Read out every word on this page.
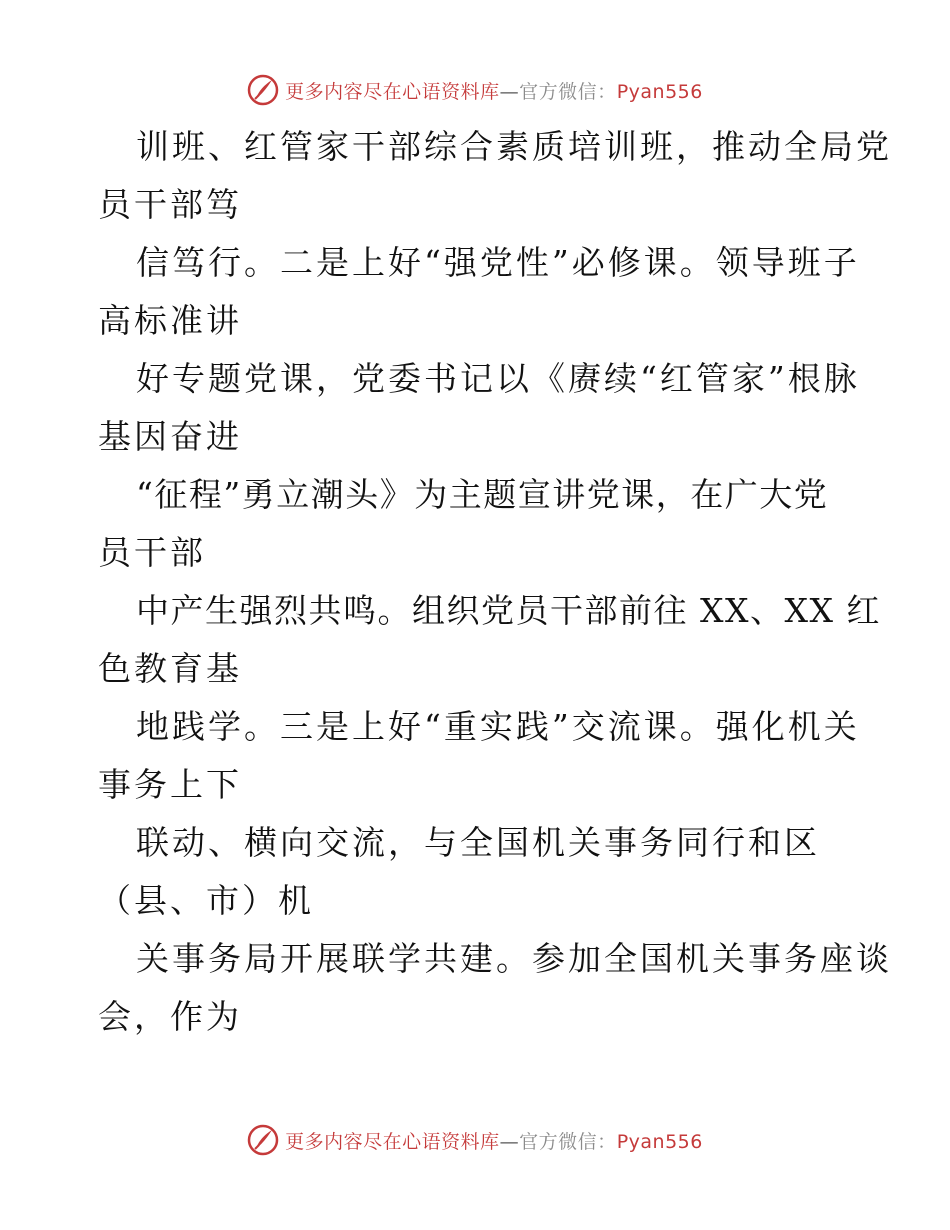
更多内容尽在心语资料库—官方微信：Pyan556
训班、红管家干部综合素质培训班，推动全局党
员干部笃
信笃行。二是上好“强党性”必修课。领导班子
高标准讲
好专题党课，党委书记以《赓续“红管家”根脉
基因奋进
“征程”勇立潮头》为主题宣讲党课，在广大党
员干部
中产生强烈共鸣。组织党员干部前往 XX、XX 红
色教育基
地践学。三是上好“重实践”交流课。强化机关
事务上下
联动、横向交流，与全国机关事务同行和区
（县、市）机
关事务局开展联学共建。参加全国机关事务座谈
会，作为
更多内容尽在心语资料库—官方微信：Pyan556
